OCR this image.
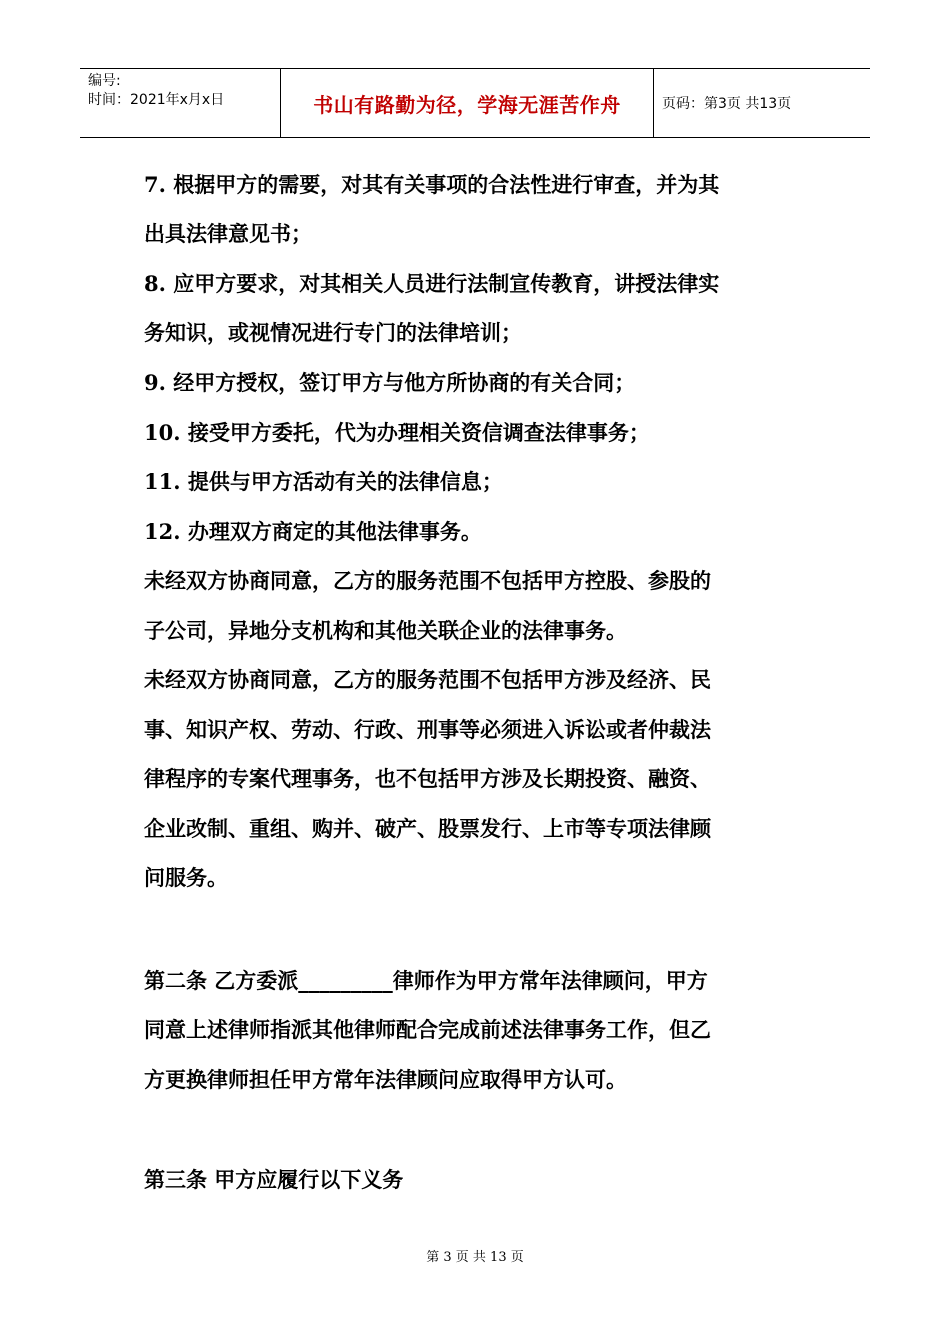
编号:
时间：2021年x月x日	书山有路勤为径，学海无涯苦作舟	页码：第3页 共13页
7. 根据甲方的需要，对其有关事项的合法性进行审查，并为其
出具法律意见书；
8. 应甲方要求，对其相关人员进行法制宣传教育，讲授法律实
务知识，或视情况进行专门的法律培训；
9. 经甲方授权，签订甲方与他方所协商的有关合同；
10. 接受甲方委托，代为办理相关资信调查法律事务；
11. 提供与甲方活动有关的法律信息；
12. 办理双方商定的其他法律事务。
未经双方协商同意，乙方的服务范围不包括甲方控股、参股的
子公司，异地分支机构和其他关联企业的法律事务。
未经双方协商同意，乙方的服务范围不包括甲方涉及经济、民
事、知识产权、劳动、行政、刑事等必须进入诉讼或者仲裁法
律程序的专案代理事务，也不包括甲方涉及长期投资、融资、
企业改制、重组、购并、破产、股票发行、上市等专项法律顾
问服务。
第二条 乙方委派_________律师作为甲方常年法律顾问，甲方
同意上述律师指派其他律师配合完成前述法律事务工作，但乙
方更换律师担任甲方常年法律顾问应取得甲方认可。
第三条 甲方应履行以下义务
第 3 页 共 13 页
